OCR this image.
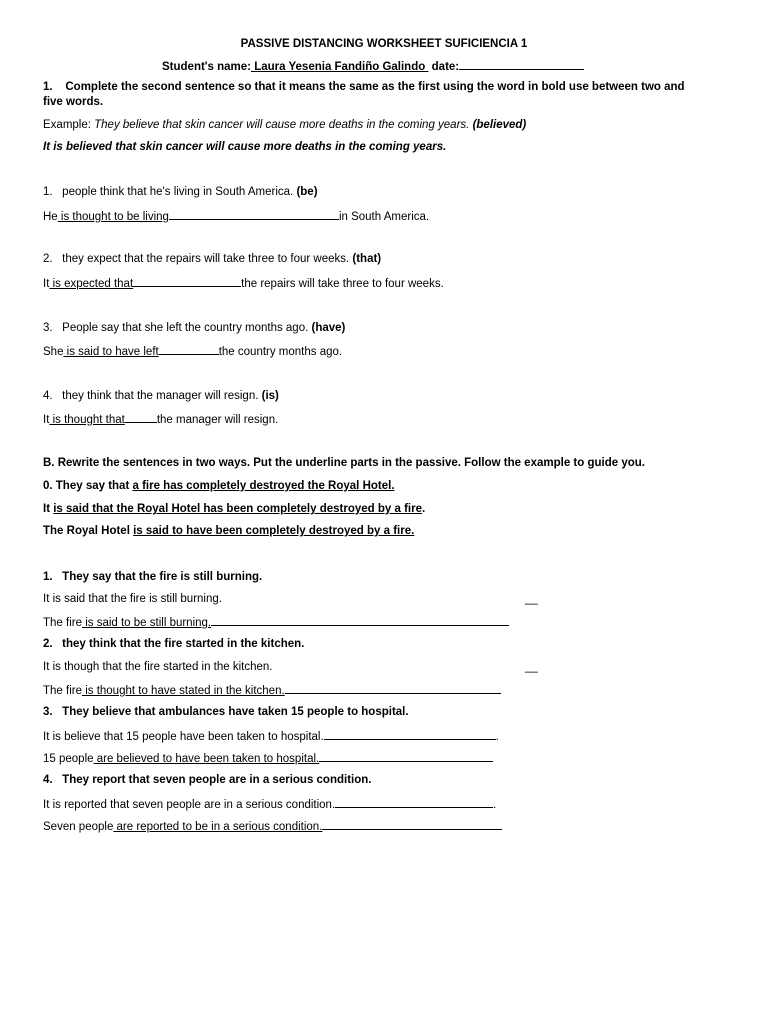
PASSIVE DISTANCING WORKSHEET SUFICIENCIA 1
Student's name: Laura Yesenia Fandiño Galindo  date:
1. Complete the second sentence so that it means the same as the first using the word in bold use between two and
five words.
Example: They believe that skin cancer will cause more deaths in the coming years. (believed)
It is believed that skin cancer will cause more deaths in the coming years.
1.   people think that he's living in South America. (be)
He is thought to be living	in South America.
2.   they expect that the repairs will take three to four weeks. (that)
It is expected that	the repairs will take three to four weeks.
3.   People say that she left the country months ago. (have)
She is said to have left	the country months ago.
4.   they think that the manager will resign. (is)
It is thought that	the manager will resign.
B. Rewrite the sentences in two ways. Put the underline parts in the passive. Follow the example to guide you.
0. They say that a fire has completely destroyed the Royal Hotel.
It is said that the Royal Hotel has been completely destroyed by a fire.
The Royal Hotel is said to have been completely destroyed by a fire.
1.   They say that the fire is still burning.
It is said that the fire is still burning.	__
The fire is said to be still burning.
2.   they think that the fire started in the kitchen.
It is though that the fire started in the kitchen.	__
The fire is thought to have stated in the kitchen.
3.   They believe that ambulances have taken 15 people to hospital.
It is believe that 15 people have been taken to hospital.	.
15 people are believed to have been taken to hospital.
4.   They report that seven people are in a serious condition.
It is reported that seven people are in a serious condition.	.
Seven people are reported to be in a serious condition.
